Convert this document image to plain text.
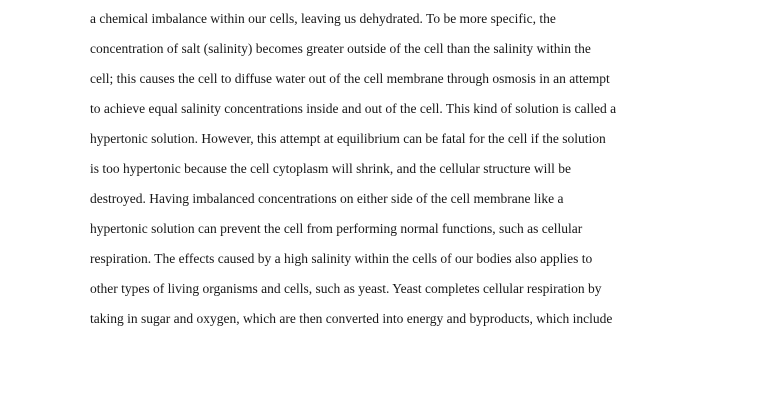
a chemical imbalance within our cells, leaving us dehydrated. To be more specific, the
concentration of salt (salinity) becomes greater outside of the cell than the salinity within the
cell; this causes the cell to diffuse water out of the cell membrane through osmosis in an attempt
to achieve equal salinity concentrations inside and out of the cell. This kind of solution is called a
hypertonic solution. However, this attempt at equilibrium can be fatal for the cell if the solution
is too hypertonic because the cell cytoplasm will shrink, and the cellular structure will be
destroyed. Having imbalanced concentrations on either side of the cell membrane like a
hypertonic solution can prevent the cell from performing normal functions, such as cellular
respiration. The effects caused by a high salinity within the cells of our bodies also applies to
other types of living organisms and cells, such as yeast. Yeast completes cellular respiration by
taking in sugar and oxygen, which are then converted into energy and byproducts, which include
